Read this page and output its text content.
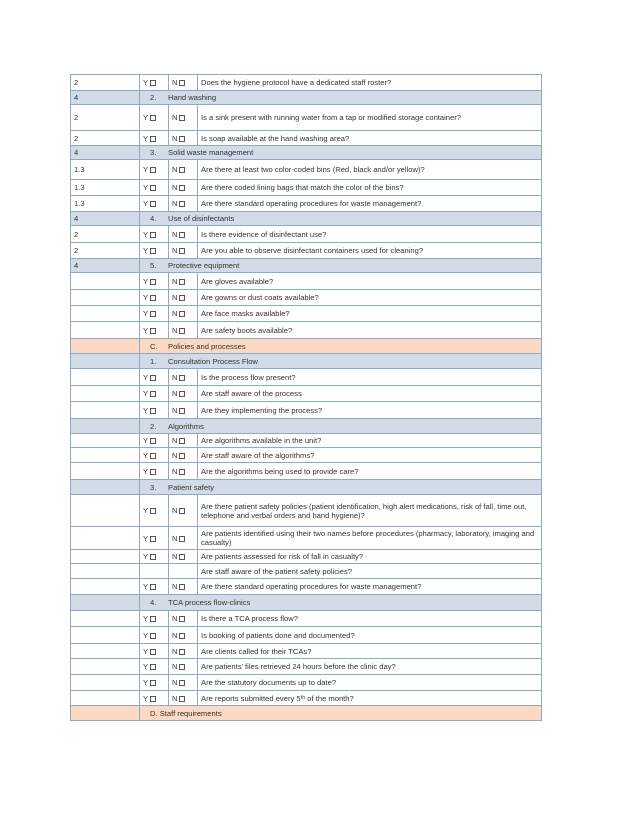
2	Y	N	Does the hygiene protocol have a dedicated staff roster?
4	2. Hand washing		
2	Y	N	Is a sink present with running water from a tap or modified storage container?
2	Y	N	Is soap available at the hand washing area?
4	3. Solid waste management		
1.3	Y	N	Are there at least two color-coded bins (Red, black and/or yellow)?
1.3	Y	N	Are there coded lining bags that match the color of the bins?
1.3	Y	N	Are there standard operating procedures for waste management?
4	4. Use of disinfectants		
2	Y	N	Is there evidence of disinfectant use?
2	Y	N	Are you able to observe disinfectant containers used for cleaning?
4	5. Protective equipment		
	Y	N	Are gloves available?
	Y	N	Are gowns or dust coats available?
	Y	N	Are face masks available?
	Y	N	Are safety boots available?
	C. Policies and processes		
	1. Consultation Process Flow		
	Y	N	Is the process flow present?
	Y	N	Are staff aware of the process
	Y	N	Are they implementing the process?
	2. Algorithms		
	Y	N	Are algorithms available in the unit?
	Y	N	Are staff aware of the algorithms?
	Y	N	Are the algorithms being used to provide care?
	3. Patient safety		
	Y	N	Are there patient safety policies (patient identification, high alert medications, risk of fall, time out, telephone and verbal orders and hand hygiene)?
	Y	N	Are patients identified using their two names before procedures (pharmacy, laboratory, imaging and casualty)
	Y	N	Are patients assessed for risk of fall in casualty?
			Are staff aware of the patient safety policies?
	Y	N	Are there standard operating procedures for waste management?
	4. TCA process flow-clinics		
	Y	N	Is there a TCA process flow?
	Y	N	Is booking of patients done and documented?
	Y	N	Are clients called for their TCAs?
	Y	N	Are patients’ files retrieved 24 hours before the clinic day?
	Y	N	Are the statutory documents up to date?
	Y	N	Are reports submitted every 5ᵗʰ of the month?
	D. Staff requirements		
